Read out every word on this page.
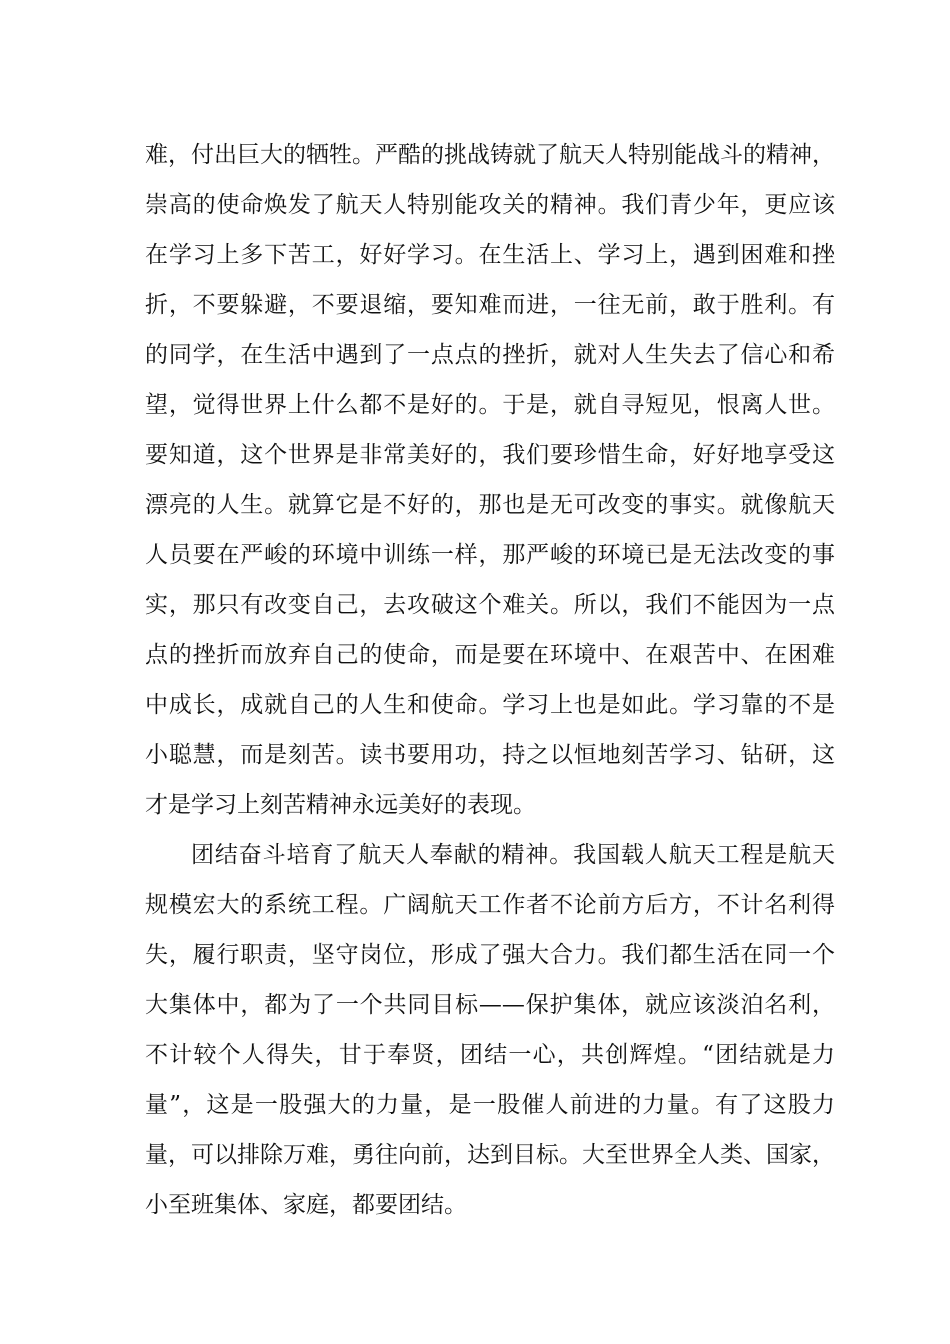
难，付出巨大的牺牲。严酷的挑战铸就了航天人特别能战斗的精神，
崇高的使命焕发了航天人特别能攻关的精神。我们青少年，更应该
在学习上多下苦工，好好学习。在生活上、学习上，遇到困难和挫
折，不要躲避，不要退缩，要知难而进，一往无前，敢于胜利。有
的同学，在生活中遇到了一点点的挫折，就对人生失去了信心和希
望，觉得世界上什么都不是好的。于是，就自寻短见，恨离人世。
要知道，这个世界是非常美好的，我们要珍惜生命，好好地享受这
漂亮的人生。就算它是不好的，那也是无可改变的事实。就像航天
人员要在严峻的环境中训练一样，那严峻的环境已是无法改变的事
实，那只有改变自己，去攻破这个难关。所以，我们不能因为一点
点的挫折而放弃自己的使命，而是要在环境中、在艰苦中、在困难
中成长，成就自己的人生和使命。学习上也是如此。学习靠的不是
小聪慧，而是刻苦。读书要用功，持之以恒地刻苦学习、钻研，这
才是学习上刻苦精神永远美好的表现。
团结奋斗培育了航天人奉献的精神。我国载人航天工程是航天
规模宏大的系统工程。广阔航天工作者不论前方后方，不计名利得
失，履行职责，坚守岗位，形成了强大合力。我们都生活在同一个
大集体中，都为了一个共同目标——保护集体，就应该淡泊名利，
不计较个人得失，甘于奉贤，团结一心，共创辉煌。“团结就是力
量”，这是一股强大的力量，是一股催人前进的力量。有了这股力
量，可以排除万难，勇往向前，达到目标。大至世界全人类、国家，
小至班集体、家庭，都要团结。
